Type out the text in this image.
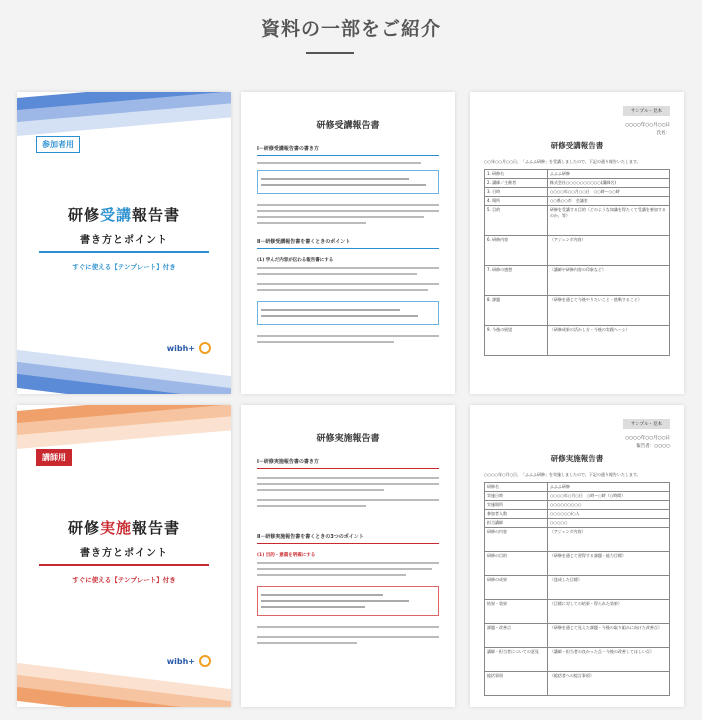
資料の一部をご紹介
参加者用
研修受講報告書
書き方とポイント
すぐに使える【テンプレート】付き
wibh+
研修受講報告書
Ⅰ－研修受講報告書の書き方
Ⅱ－研修受講報告書を書くときのポイント
(1) 学んだ内容が伝わる報告書にする
サンプル・見本
○○○○年○○月○○日
氏名：
研修受講報告書
○○年○○月○○日、「ふふふ研修」を受講しましたので、下記の通り報告いたします。
1. 研修名	ふふふ研修
2. 講師／主催者	株式会社○○○○○○○○○○(講師名)
3. 日時	○○○○年○○月○○日　○○時～○○時
4. 場所	○○県○○市　会議室
5. 目的	研修を受講する目的（どのような知識を得たくて受講を参加するのか、等）
6. 研修内容	（アジェンダ内容）
7. 研修の感想	（講師や研修内容の印象など）
8. 課題	（研修を通じて今後やりたいこと・挑戦すること）
9. 今後の展望	（研修成果の活かし方・今後の実践ヘーシ）
講師用
研修実施報告書
書き方とポイント
すぐに使える【テンプレート】付き
wibh+
研修実施報告書
Ⅰ－研修実施報告書の書き方
Ⅱ－研修実施報告書を書くときの3つのポイント
(1) 目的・意義を明確にする
サンプル・見本
○○○○年○○月○○日
報告者：○○○○
研修実施報告書
○○○○年○月○日、「ふふふ研修」を実施しましたので、下記の通り報告いたします。
研修名	ふふふ研修
実施日時	○○○○年○月○日　○時～○時（○時間）
実施場所	○○○○○○○○○
参加者人数	○○○○○○/○人
担当講師	○○○○○
研修の内容	（アジェンダ内容）
研修の目的	（研修を通じて習得する課題・能力目標）
研修の成果	（達成した目標）
結果・効果	（目標に対しての結果・得られた効果）
課題・改善点	（研修を通じて見えた課題・今後の取り組みに向けた改善点）
講師・担当者についての意見	（講師・担当者の良かった点・今後の改善してほしい点）
総括事項	（総括者への提言事項）
